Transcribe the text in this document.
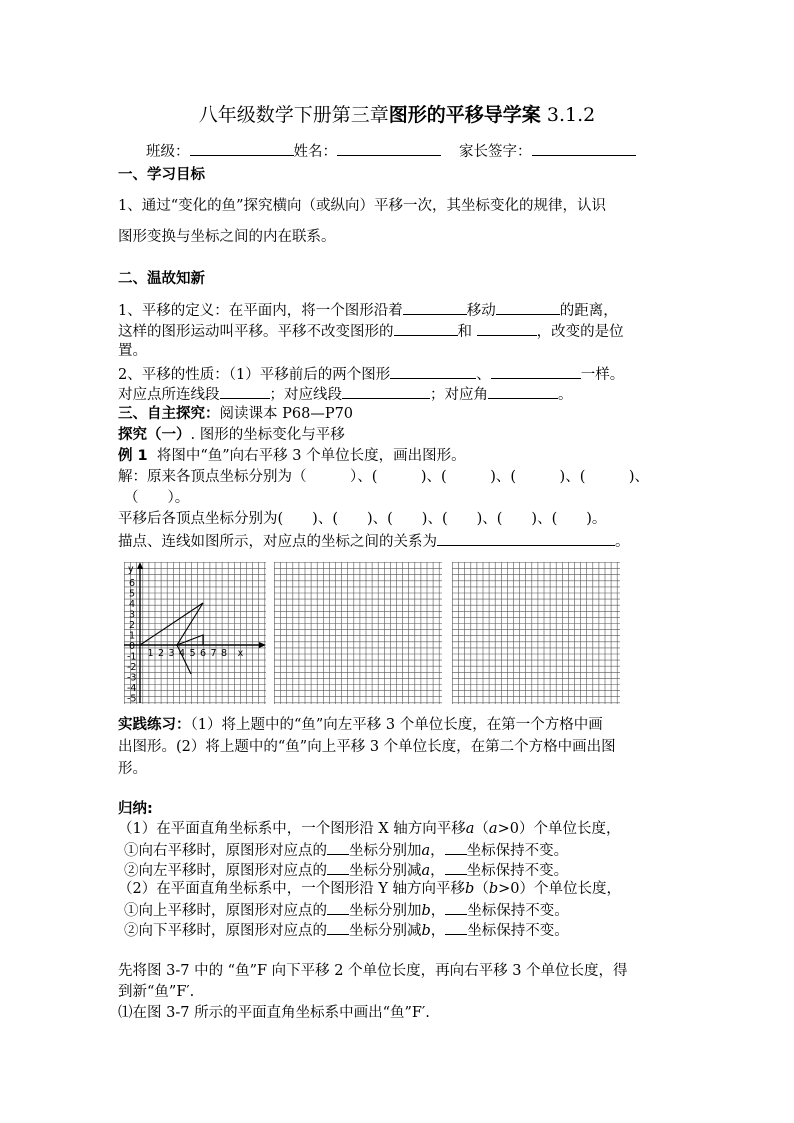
八年级数学下册第三章图形的平移导学案 3.1.2
班级：	姓名：	家长签字：
一、学习目标
1、通过“变化的鱼”探究横向（或纵向）平移一次，其坐标变化的规律，认识
图形变换与坐标之间的内在联系。
二、温故知新
1、平移的定义：在平面内，将一个图形沿着	移动	的距离，
这样的图形运动叫平移。平移不改变图形的	和	，改变的是位
置。
2、平移的性质：（1）平移前后的两个图形	、	一样。
对应点所连线段	；对应线段	；对应角	。
三、自主探究：阅读课本 P68—P70
探究（一）. 图形的坐标变化与平移
例 1 将图中“鱼”向右平移 3 个单位长度，画出图形。
解：原来各顶点坐标分别为（　　　）、(　　　)、(　　　)、(　　　)、(　　　)、
（　　）。
平移后各顶点坐标分别为(　　)、(　　)、(　　)、(　　)、(　　)、(　　)。
描点、连线如图所示，对应点的坐标之间的关系为	。
y
6
5
4
3
2
1
0
-1
-2
-3
-4
-5
1 2 3 4 5 6 7 8 x
实践练习：（1）将上题中的“鱼”向左平移 3 个单位长度，在第一个方格中画
出图形。(2）将上题中的“鱼”向上平移 3 个单位长度，在第二个方格中画出图
形。
归纳:
（1）在平面直角坐标系中，一个图形沿 X 轴方向平移a（a>0）个单位长度，
①向右平移时，原图形对应点的 坐标分别加a， 坐标保持不变。
②向左平移时，原图形对应点的 坐标分别减a， 坐标保持不变。
（2）在平面直角坐标系中，一个图形沿 Y 轴方向平移b（b>0）个单位长度，
①向上平移时，原图形对应点的 坐标分别加b， 坐标保持不变。
②向下平移时，原图形对应点的 坐标分别减b， 坐标保持不变。
先将图 3-7 中的 “鱼”F 向下平移 2 个单位长度，再向右平移 3 个单位长度，得
到新“鱼”F′.
⑴在图 3-7 所示的平面直角坐标系中画出“鱼”F′.
